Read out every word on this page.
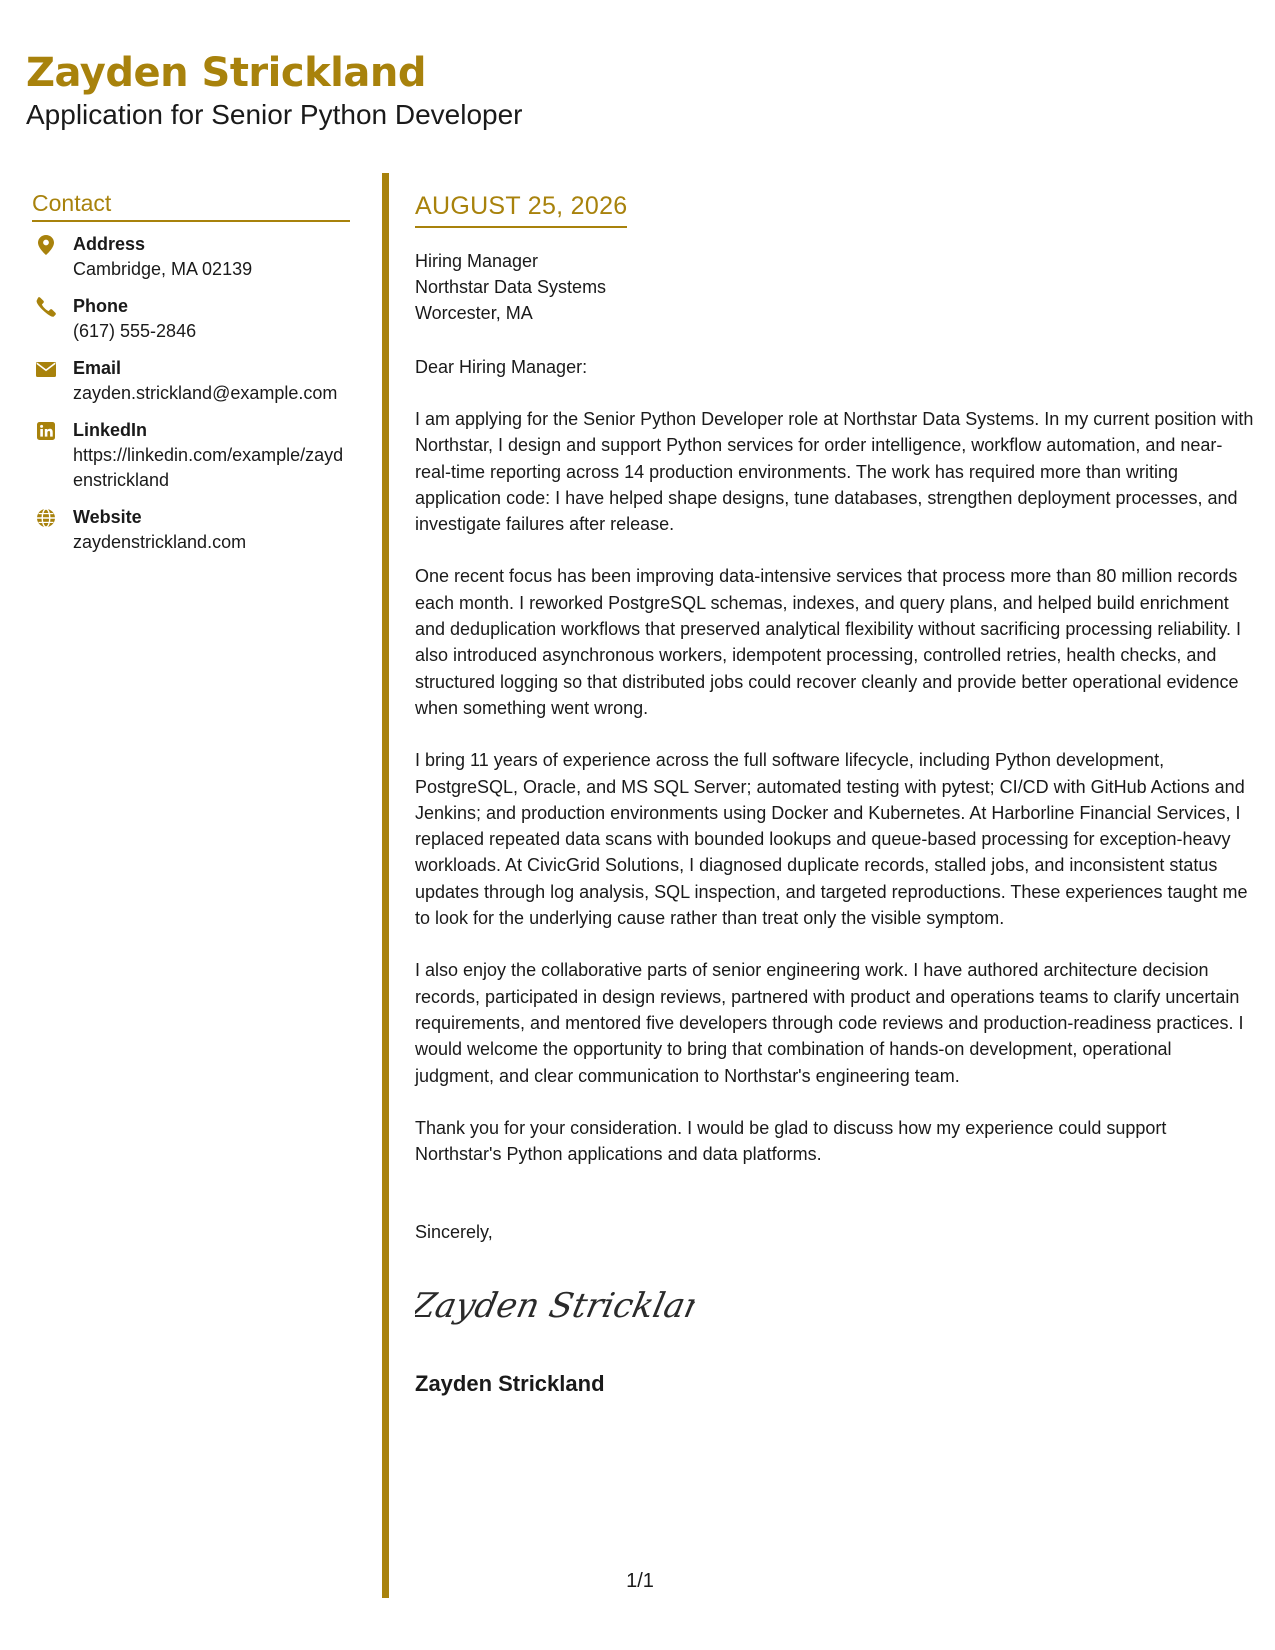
Zayden Strickland

Application for Senior Python Developer

Contact
Address
Cambridge, MA 02139
Phone
(617) 555-2846
Email
zayden.strickland@example.com
LinkedIn
https://linkedin.com/example/zaydenstrickland
Website
zaydenstrickland.com
AUGUST 25, 2026
Hiring Manager
Northstar Data Systems
Worcester, MA
Dear Hiring Manager:

I am applying for the Senior Python Developer role at Northstar Data Systems. In my current position with Northstar, I design and support Python services for order intelligence, workflow automation, and near-real-time reporting across 14 production environments. The work has required more than writing application code: I have helped shape designs, tune databases, strengthen deployment processes, and investigate failures after release.

One recent focus has been improving data-intensive services that process more than 80 million records each month. I reworked PostgreSQL schemas, indexes, and query plans, and helped build enrichment and deduplication workflows that preserved analytical flexibility without sacrificing processing reliability. I also introduced asynchronous workers, idempotent processing, controlled retries, health checks, and structured logging so that distributed jobs could recover cleanly and provide better operational evidence when something went wrong.

I bring 11 years of experience across the full software lifecycle, including Python development, PostgreSQL, Oracle, and MS SQL Server; automated testing with pytest; CI/CD with GitHub Actions and Jenkins; and production environments using Docker and Kubernetes. At Harborline Financial Services, I replaced repeated data scans with bounded lookups and queue-based processing for exception-heavy workloads. At CivicGrid Solutions, I diagnosed duplicate records, stalled jobs, and inconsistent status updates through log analysis, SQL inspection, and targeted reproductions. These experiences taught me to look for the underlying cause rather than treat only the visible symptom.

I also enjoy the collaborative parts of senior engineering work. I have authored architecture decision records, participated in design reviews, partnered with product and operations teams to clarify uncertain requirements, and mentored five developers through code reviews and production-readiness practices. I would welcome the opportunity to bring that combination of hands-on development, operational judgment, and clear communication to Northstar's engineering team.

Thank you for your consideration. I would be glad to discuss how my experience could support Northstar's Python applications and data platforms.

Sincerely,
Zayden Stricklan
Zayden Strickland
1/1
